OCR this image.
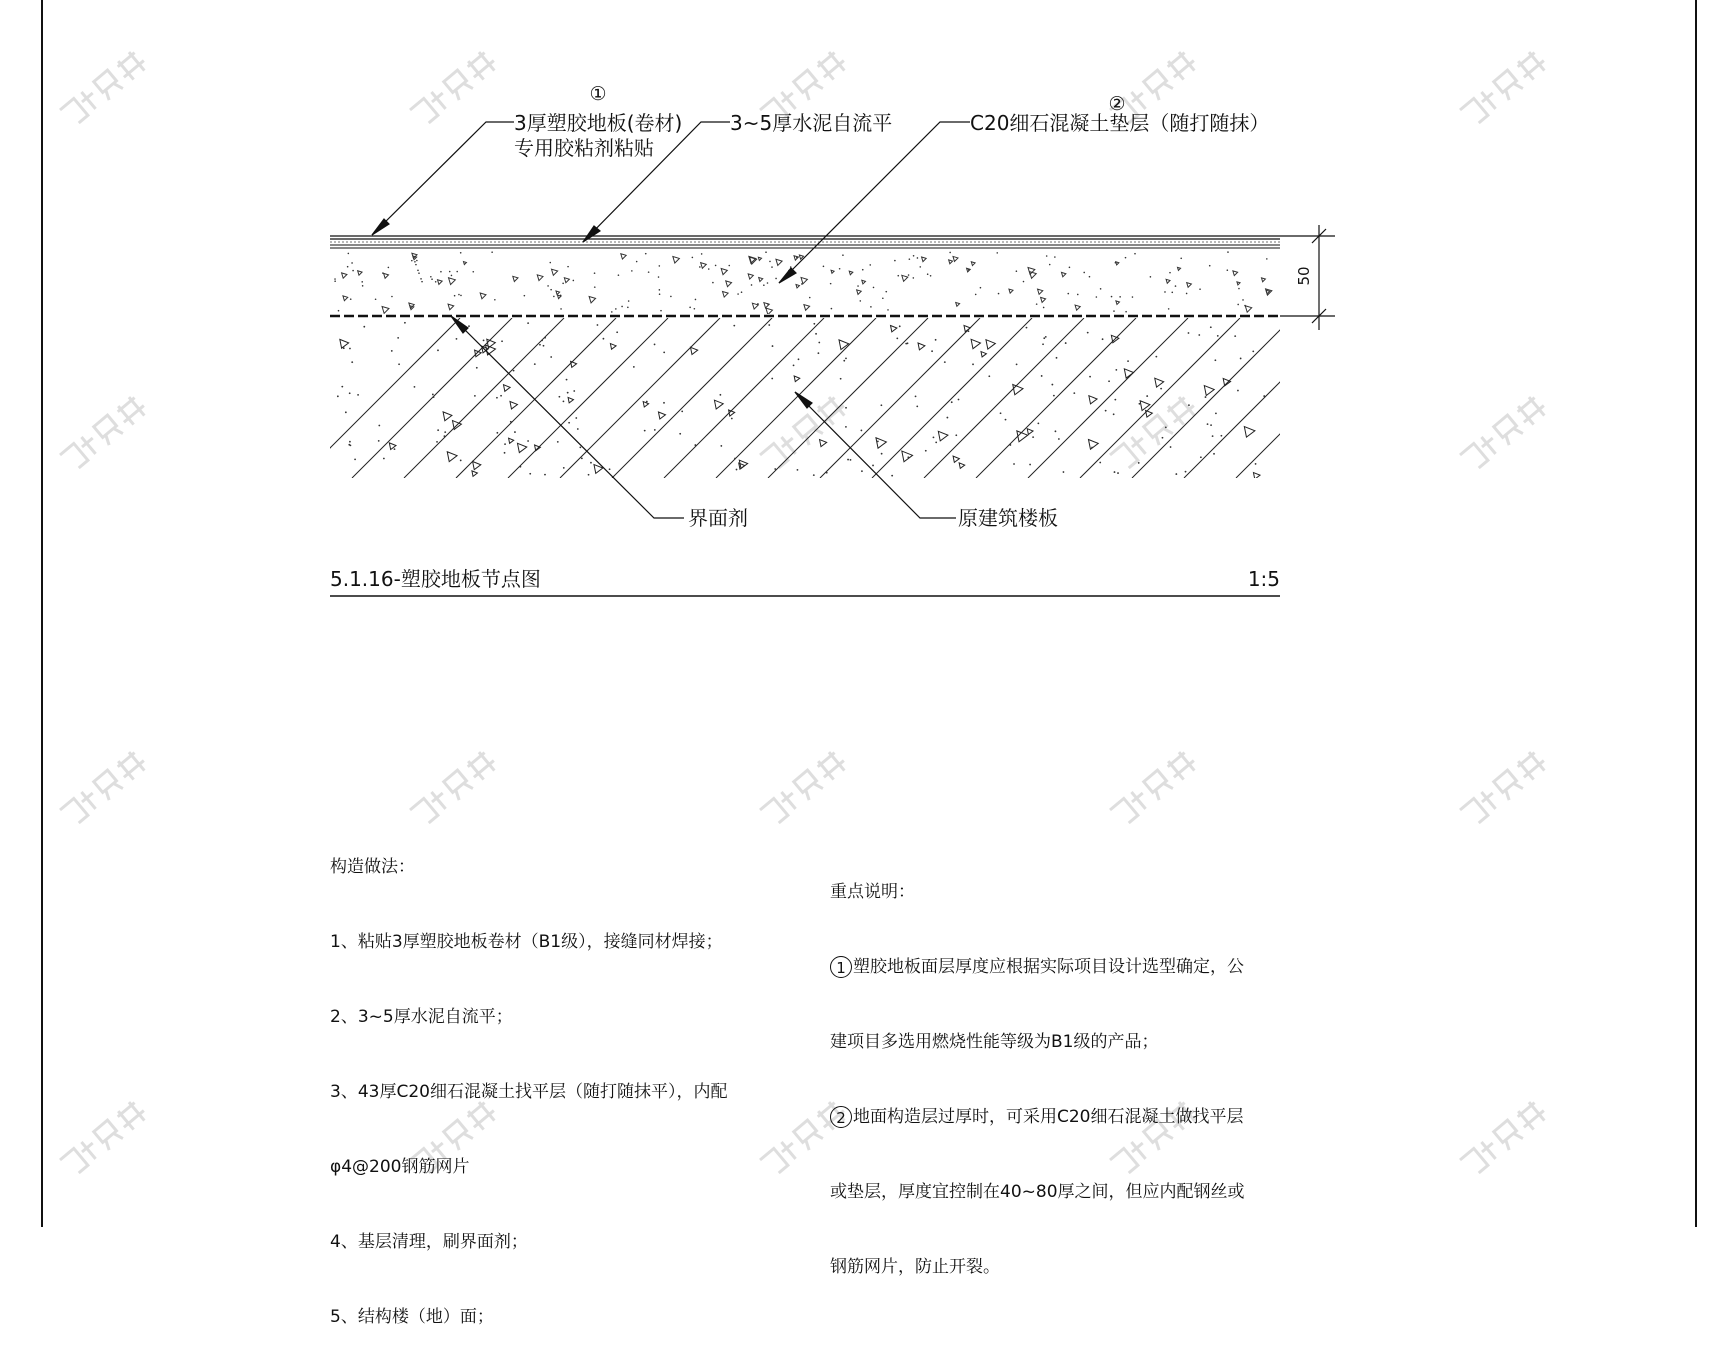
50
①	②
3厚塑胶地板(卷材)
专用胶粘剂粘贴
3~5厚水泥自流平	C20细石混凝土垫层（随打随抹）
界面剂	原建筑楼板
5.1.16-塑胶地板节点图	1:5

构造做法：

1、粘贴3厚塑胶地板卷材（B1级），接缝同材焊接；

2、3~5厚水泥自流平；

3、43厚C20细石混凝土找平层（随打随抹平），内配

φ4@200钢筋网片

4、基层清理，刷界面剂；

5、结构楼（地）面；

重点说明：

1 塑胶地板面层厚度应根据实际项目设计选型确定，公

建项目多选用燃烧性能等级为B1级的产品；

2 地面构造层过厚时，可采用C20细石混凝土做找平层

或垫层，厚度宜控制在40~80厚之间，但应内配钢丝或

钢筋网片，防止开裂。
